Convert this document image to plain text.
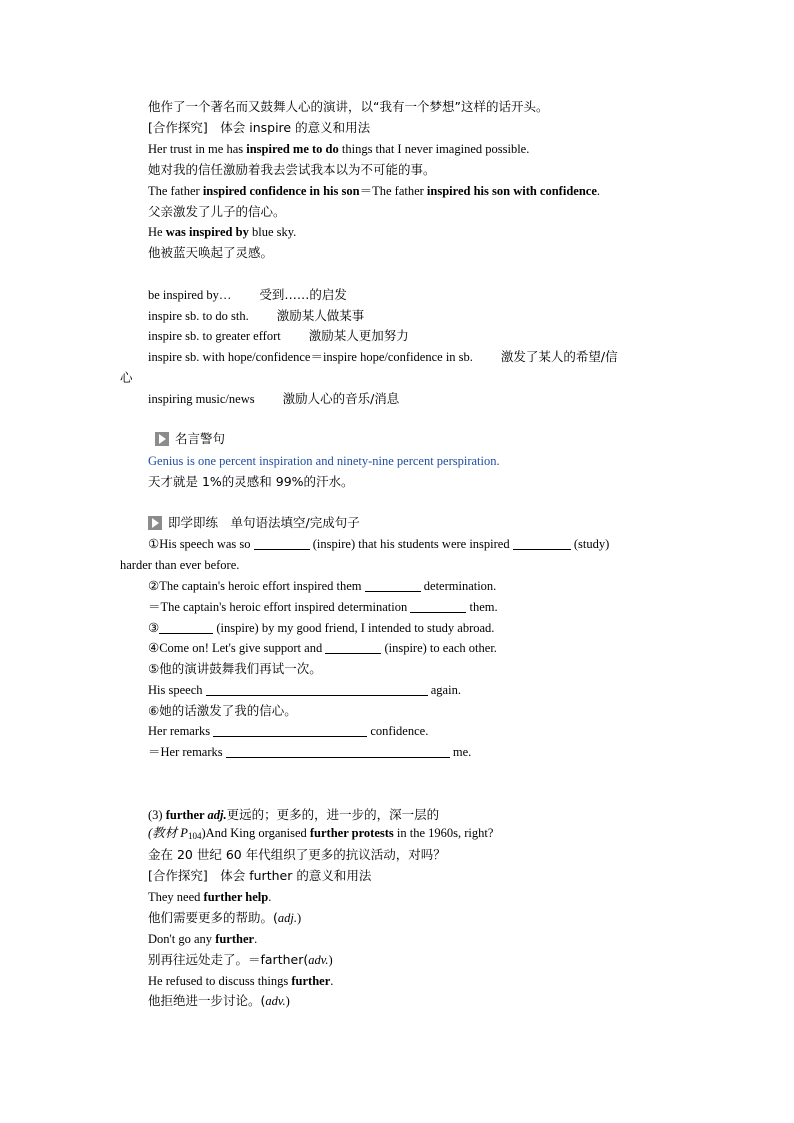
他作了一个著名而又鼓舞人心的演讲，以“我有一个梦想”这样的话开头。
[合作探究]　体会 inspire 的意义和用法
Her trust in me has inspired me to do things that I never imagined possible.
她对我的信任激励着我去尝试我本以为不可能的事。
The father inspired confidence in his son＝The father inspired his son with confidence.
父亲激发了儿子的信心。
He was inspired by blue sky.
他被蓝天唤起了灵感。
be inspired by… 受到……的启发
inspire sb. to do sth. 激励某人做某事
inspire sb. to greater effort 激励某人更加努力
inspire sb. with hope/confidence＝inspire hope/confidence in sb. 激发了某人的希望/信
心
inspiring music/news 激励人心的音乐/消息
名言警句
Genius is one percent inspiration and ninety-nine percent perspiration.
天才就是 1%的灵感和 99%的汗水。
即学即练　单句语法填空/完成句子
①His speech was so	(inspire) that his students were inspired	(study)
harder than ever before.
②The captain's heroic effort inspired them	determination.
＝The captain's heroic effort inspired determination	them.
③	(inspire) by my good friend, I intended to study abroad.
④Come on! Let's give support and	(inspire) to each other.
⑤他的演讲鼓舞我们再试一次。
His speech	again.
⑥她的话激发了我的信心。
Her remarks	confidence.
＝Her remarks	me.
(3) further adj.更远的；更多的，进一步的，深一层的
(教材 $P_{104})And$ King organised further protests in the 1960s, right?
金在 20 世纪 60 年代组织了更多的抗议活动，对吗？
[合作探究]　体会 further 的意义和用法
They need further help.
他们需要更多的帮助。(adj.)
Don't go any further.
别再往远处走了。＝farther(adv.)
He refused to discuss things further.
他拒绝进一步讨论。(adv.)
